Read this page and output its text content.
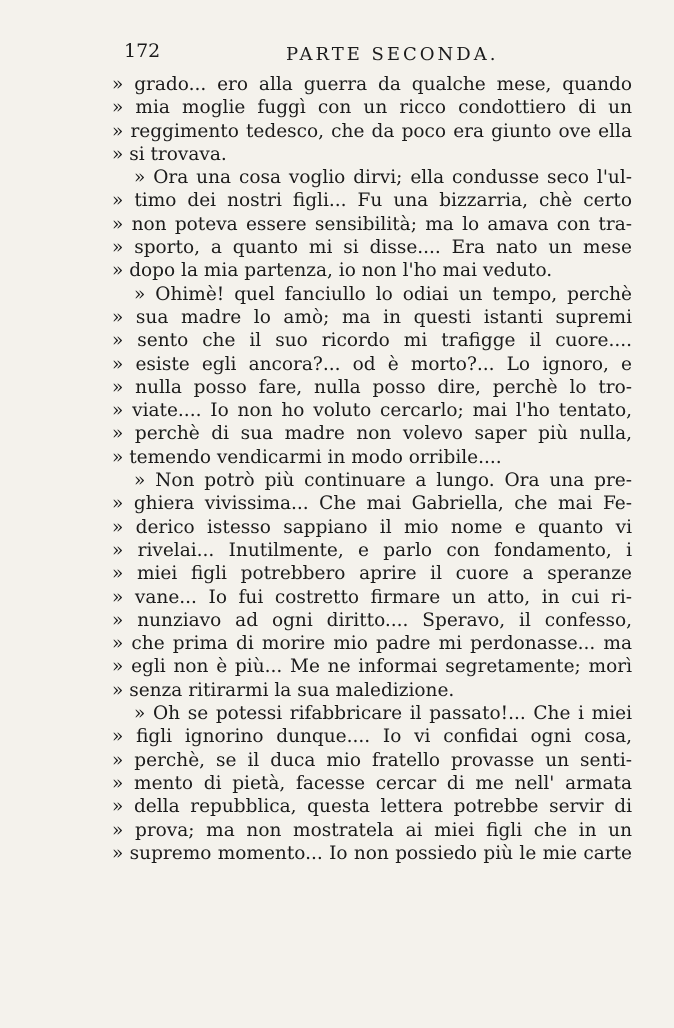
172	PARTE SECONDA.
» grado... ero alla guerra da qualche mese, quando
» mia moglie fuggì con un ricco condottiero di un
» reggimento tedesco, che da poco era giunto ove ella
» si trovava.
» Ora una cosa voglio dirvi; ella condusse seco l'ul-
» timo dei nostri figli... Fu una bizzarria, chè certo
» non poteva essere sensibilità; ma lo amava con tra-
» sporto, a quanto mi si disse.... Era nato un mese
» dopo la mia partenza, io non l'ho mai veduto.
» Ohimè! quel fanciullo lo odiai un tempo, perchè
» sua madre lo amò; ma in questi istanti supremi
» sento che il suo ricordo mi trafigge il cuore....
» esiste egli ancora?... od è morto?... Lo ignoro, e
» nulla posso fare, nulla posso dire, perchè lo tro-
» viate.... Io non ho voluto cercarlo; mai l'ho tentato,
» perchè di sua madre non volevo saper più nulla,
» temendo vendicarmi in modo orribile....
» Non potrò più continuare a lungo. Ora una pre-
» ghiera vivissima... Che mai Gabriella, che mai Fe-
» derico istesso sappiano il mio nome e quanto vi
» rivelai... Inutilmente, e parlo con fondamento, i
» miei figli potrebbero aprire il cuore a speranze
» vane... Io fui costretto firmare un atto, in cui ri-
» nunziavo ad ogni diritto.... Speravo, il confesso,
» che prima di morire mio padre mi perdonasse... ma
» egli non è più... Me ne informai segretamente; morì
» senza ritirarmi la sua maledizione.
» Oh se potessi rifabbricare il passato!... Che i miei
» figli ignorino dunque.... Io vi confidai ogni cosa,
» perchè, se il duca mio fratello provasse un senti-
» mento di pietà, facesse cercar di me nell' armata
» della repubblica, questa lettera potrebbe servir di
» prova; ma non mostratela ai miei figli che in un
» supremo momento... Io non possiedo più le mie carte
